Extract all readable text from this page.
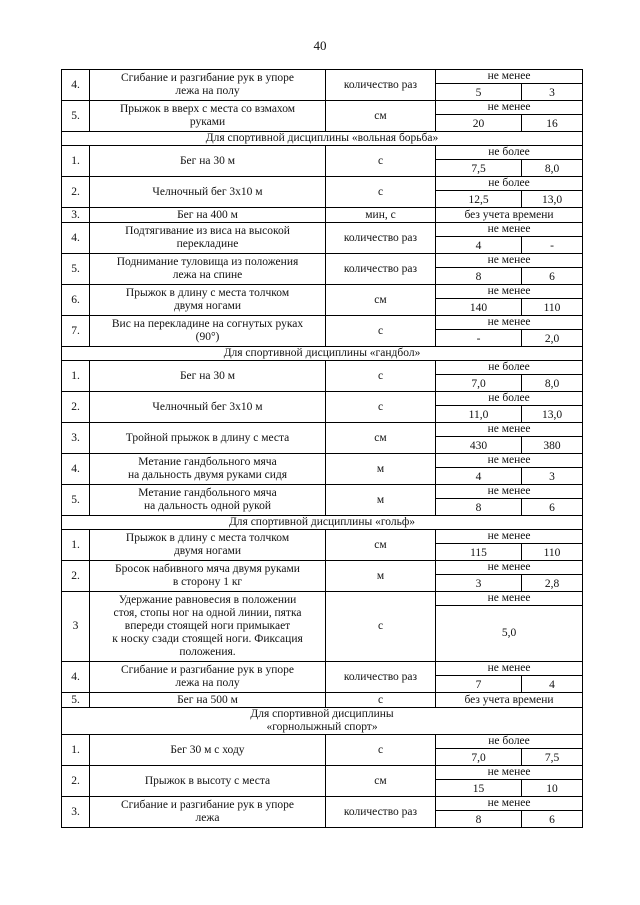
40
4.	Сгибание и разгибание рук в упоре
лежа на полу	количество раз	не менее	
			5	3
5.	Прыжок в вверх с места со взмахом
руками	см	не менее	
			20	16

Для спортивной дисциплины «вольная борьба»				

1.	Бег на 30 м	с	не более	
			7,5	8,0
2.	Челночный бег 3x10 м	с	не более	
			12,5	13,0
3.	Бег на 400 м	мин, с	без учета времени	
4.	Подтягивание из виса на высокой
перекладине	количество раз	не менее	
			4	-
5.	Поднимание туловища из положения
лежа на спине	количество раз	не менее	
			8	6
6.	Прыжок в длину с места толчком
двумя ногами	см	не менее	
			140	110
7.	Вис на перекладине на согнутых руках
(90°)	с	не менее	
			-	2,0

Для спортивной дисциплины «гандбол»				

1.	Бег на 30 м	с	не более	
			7,0	8,0
2.	Челночный бег 3x10 м	с	не более	
			11,0	13,0
3.	Тройной прыжок в длину с места	см	не менее	
			430	380
4.	Метание гандбольного мяча
на дальность двумя руками сидя	м	не менее	
			4	3
5.	Метание гандбольного мяча
на дальность одной рукой	м	не менее	
			8	6

Для спортивной дисциплины «гольф»				

1.	Прыжок в длину с места толчком
двумя ногами	см	не менее	
			115	110
2.	Бросок набивного мяча двумя руками
в сторону 1 кг	м	не менее	
			3	2,8
3	Удержание равновесия в положении
стоя, стопы ног на одной линии, пятка
впереди стоящей ноги примыкает
к носку сзади стоящей ноги. Фиксация
положения.	с	не менее	
			5,0	
4.	Сгибание и разгибание рук в упоре
лежа на полу	количество раз	не менее	
			7	4
5.	Бег на 500 м	с	без учета времени	

Для спортивной дисциплины
«горнолыжный спорт»				

1.	Бег 30 м с ходу	с	не более	
			7,0	7,5
2.	Прыжок в высоту с места	см	не менее	
			15	10
3.	Сгибание и разгибание рук в упоре
лежа	количество раз	не менее	
			8	6
